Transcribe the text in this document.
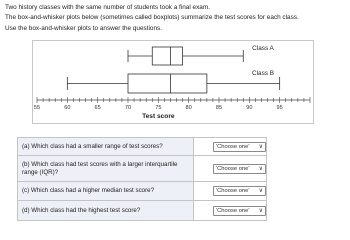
Two history classes with the same number of students took a final exam.

The box-and-whisker plots below (sometimes called boxplots) summarize the test scores for each class.

Use the box-and-whisker plots to answer the questions.

Class A
Class B
55	60	65	70	75	80	85	90	95
Test score
(a) Which class had a smaller range of test scores?	'Choose one' ∨
(b) Which class had test scores with a larger interquartile range (IQR)?	'Choose one' ∨
(c) Which class had a higher median test score?	'Choose one' ∨
(d) Which class had the highest test score?	'Choose one' ∨
